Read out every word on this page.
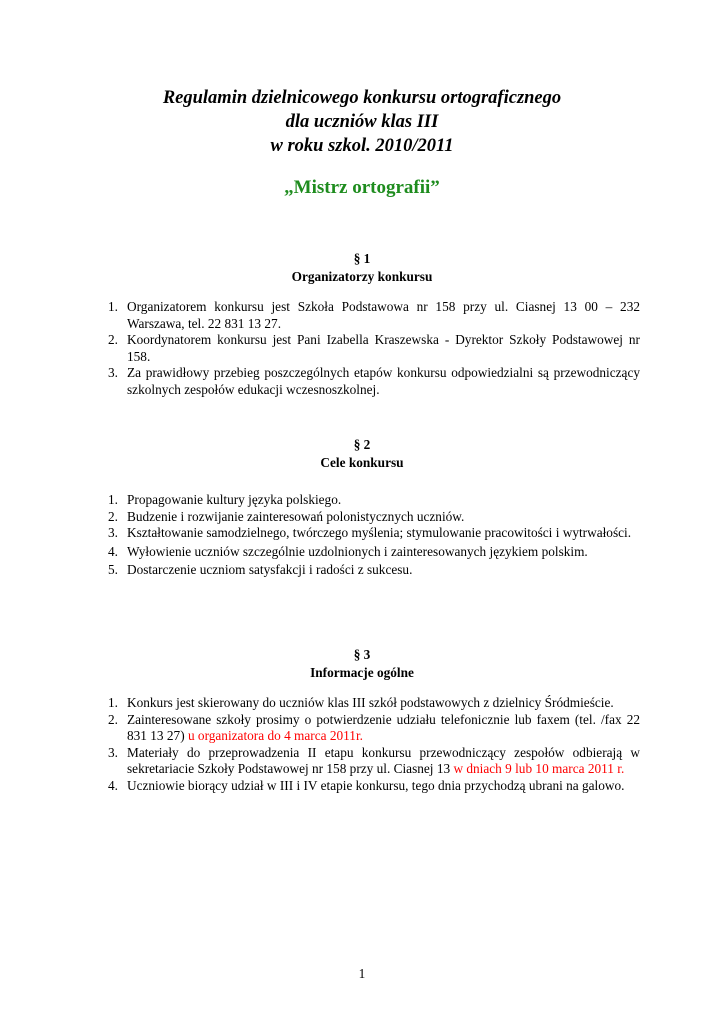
Regulamin dzielnicowego konkursu ortograficznego
dla uczniów klas III
w roku szkol. 2010/2011
„Mistrz ortografii”
§ 1
Organizatorzy konkursu
1. Organizatorem konkursu jest Szkoła Podstawowa nr 158 przy ul. Ciasnej 13 00 – 232 Warszawa, tel. 22 831 13 27.
2. Koordynatorem konkursu jest Pani Izabella Kraszewska - Dyrektor Szkoły Podstawowej nr 158.
3. Za prawidłowy przebieg poszczególnych etapów konkursu odpowiedzialni są przewodniczący szkolnych zespołów edukacji wczesnoszkolnej.
§ 2
Cele konkursu
1. Propagowanie kultury języka polskiego.
2. Budzenie i rozwijanie zainteresowań polonistycznych uczniów.
3. Kształtowanie samodzielnego, twórczego myślenia; stymulowanie pracowitości i wytrwałości.
4. Wyłowienie uczniów szczególnie uzdolnionych i zainteresowanych językiem polskim.
5. Dostarczenie uczniom satysfakcji i radości z sukcesu.
§ 3
Informacje ogólne
1. Konkurs jest skierowany do uczniów klas III szkół podstawowych z dzielnicy Śródmieście.
2. Zainteresowane szkoły prosimy o potwierdzenie udziału telefonicznie lub faxem (tel. /fax 22 831 13 27) u organizatora do 4 marca 2011r.
3. Materiały do przeprowadzenia II etapu konkursu przewodniczący zespołów odbierają w sekretariacie Szkoły Podstawowej nr 158 przy ul. Ciasnej 13 w dniach 9 lub 10 marca 2011 r.
4. Uczniowie biorący udział w III i IV etapie konkursu, tego dnia przychodzą ubrani na galowo.
1
